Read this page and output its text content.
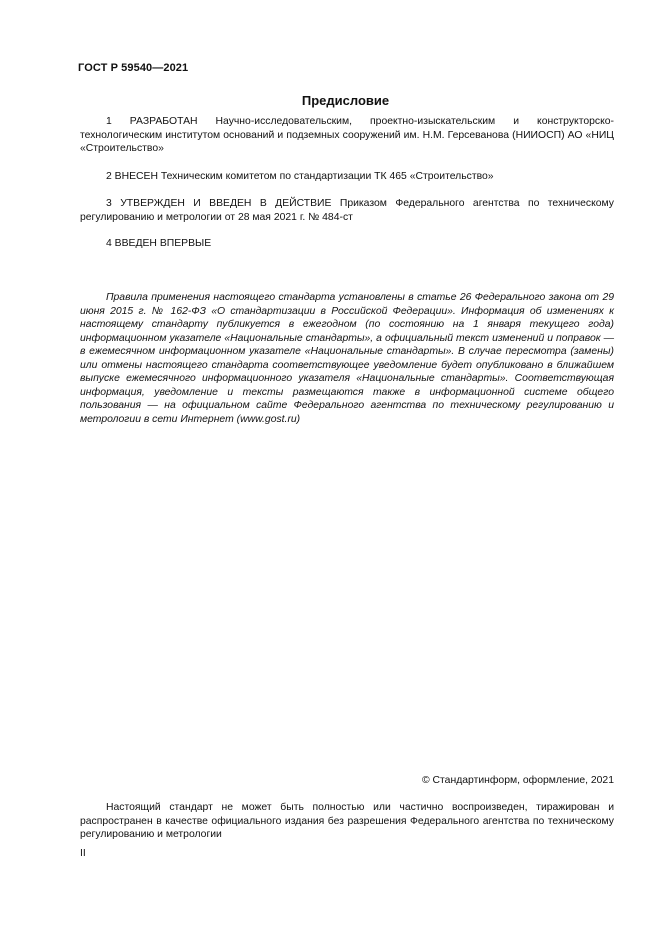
ГОСТ Р 59540—2021
Предисловие

1 РАЗРАБОТАН Научно-исследовательским, проектно-изыскательским и конструкторско-технологическим институтом оснований и подземных сооружений им. Н.М. Герсеванова (НИИОСП) АО «НИЦ «Строительство»

2 ВНЕСЕН Техническим комитетом по стандартизации ТК 465 «Строительство»

3 УТВЕРЖДЕН И ВВЕДЕН В ДЕЙСТВИЕ Приказом Федерального агентства по техническому регулированию и метрологии от 28 мая 2021 г. № 484-ст

4 ВВЕДЕН ВПЕРВЫЕ

Правила применения настоящего стандарта установлены в статье 26 Федерального закона от 29 июня 2015 г. № 162-ФЗ «О стандартизации в Российской Федерации». Информация об изменениях к настоящему стандарту публикуется в ежегодном (по состоянию на 1 января текущего года) информационном указателе «Национальные стандарты», а официальный текст изменений и поправок — в ежемесячном информационном указателе «Национальные стандарты». В случае пересмотра (замены) или отмены настоящего стандарта соответствующее уведомление будет опубликовано в ближайшем выпуске ежемесячного информационного указателя «Национальные стандарты». Соответствующая информация, уведомление и тексты размещаются также в информационной системе общего пользования — на официальном сайте Федерального агентства по техническому регулированию и метрологии в сети Интернет (www.gost.ru)

© Стандартинформ, оформление, 2021

Настоящий стандарт не может быть полностью или частично воспроизведен, тиражирован и распространен в качестве официального издания без разрешения Федерального агентства по техническому регулированию и метрологии

II
